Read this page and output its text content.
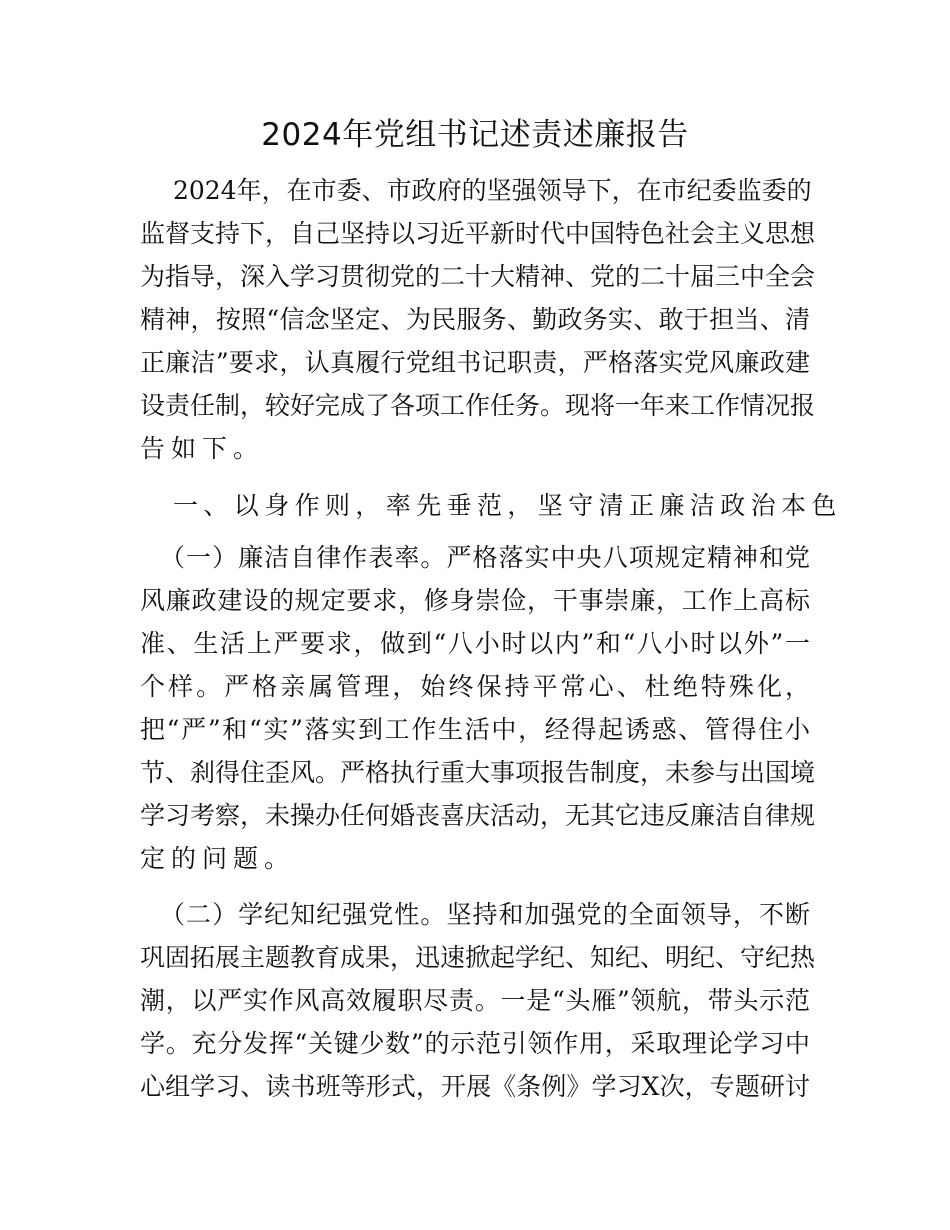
2024年党组书记述责述廉报告
2024年，在市委、市政府的坚强领导下，在市纪委监委的
监督支持下，自己坚持以习近平新时代中国特色社会主义思想
为指导，深入学习贯彻党的二十大精神、党的二十届三中全会
精神，按照“信念坚定、为民服务、勤政务实、敢于担当、清
正廉洁”要求，认真履行党组书记职责，严格落实党风廉政建
设责任制，较好完成了各项工作任务。现将一年来工作情况报
告如下。
一、以身作则，率先垂范，坚守清正廉洁政治本色
（一）廉洁自律作表率。严格落实中央八项规定精神和党
风廉政建设的规定要求，修身崇俭，干事崇廉，工作上高标
准、生活上严要求，做到“八小时以内”和“八小时以外”一
个样。严格亲属管理，始终保持平常心、杜绝特殊化，
把“严”和“实”落实到工作生活中，经得起诱惑、管得住小
节、刹得住歪风。严格执行重大事项报告制度，未参与出国境
学习考察，未操办任何婚丧喜庆活动，无其它违反廉洁自律规
定的问题。
（二）学纪知纪强党性。坚持和加强党的全面领导，不断
巩固拓展主题教育成果，迅速掀起学纪、知纪、明纪、守纪热
潮，以严实作风高效履职尽责。一是“头雁”领航，带头示范
学。充分发挥“关键少数”的示范引领作用，采取理论学习中
心组学习、读书班等形式，开展《条例》学习X次，专题研讨
